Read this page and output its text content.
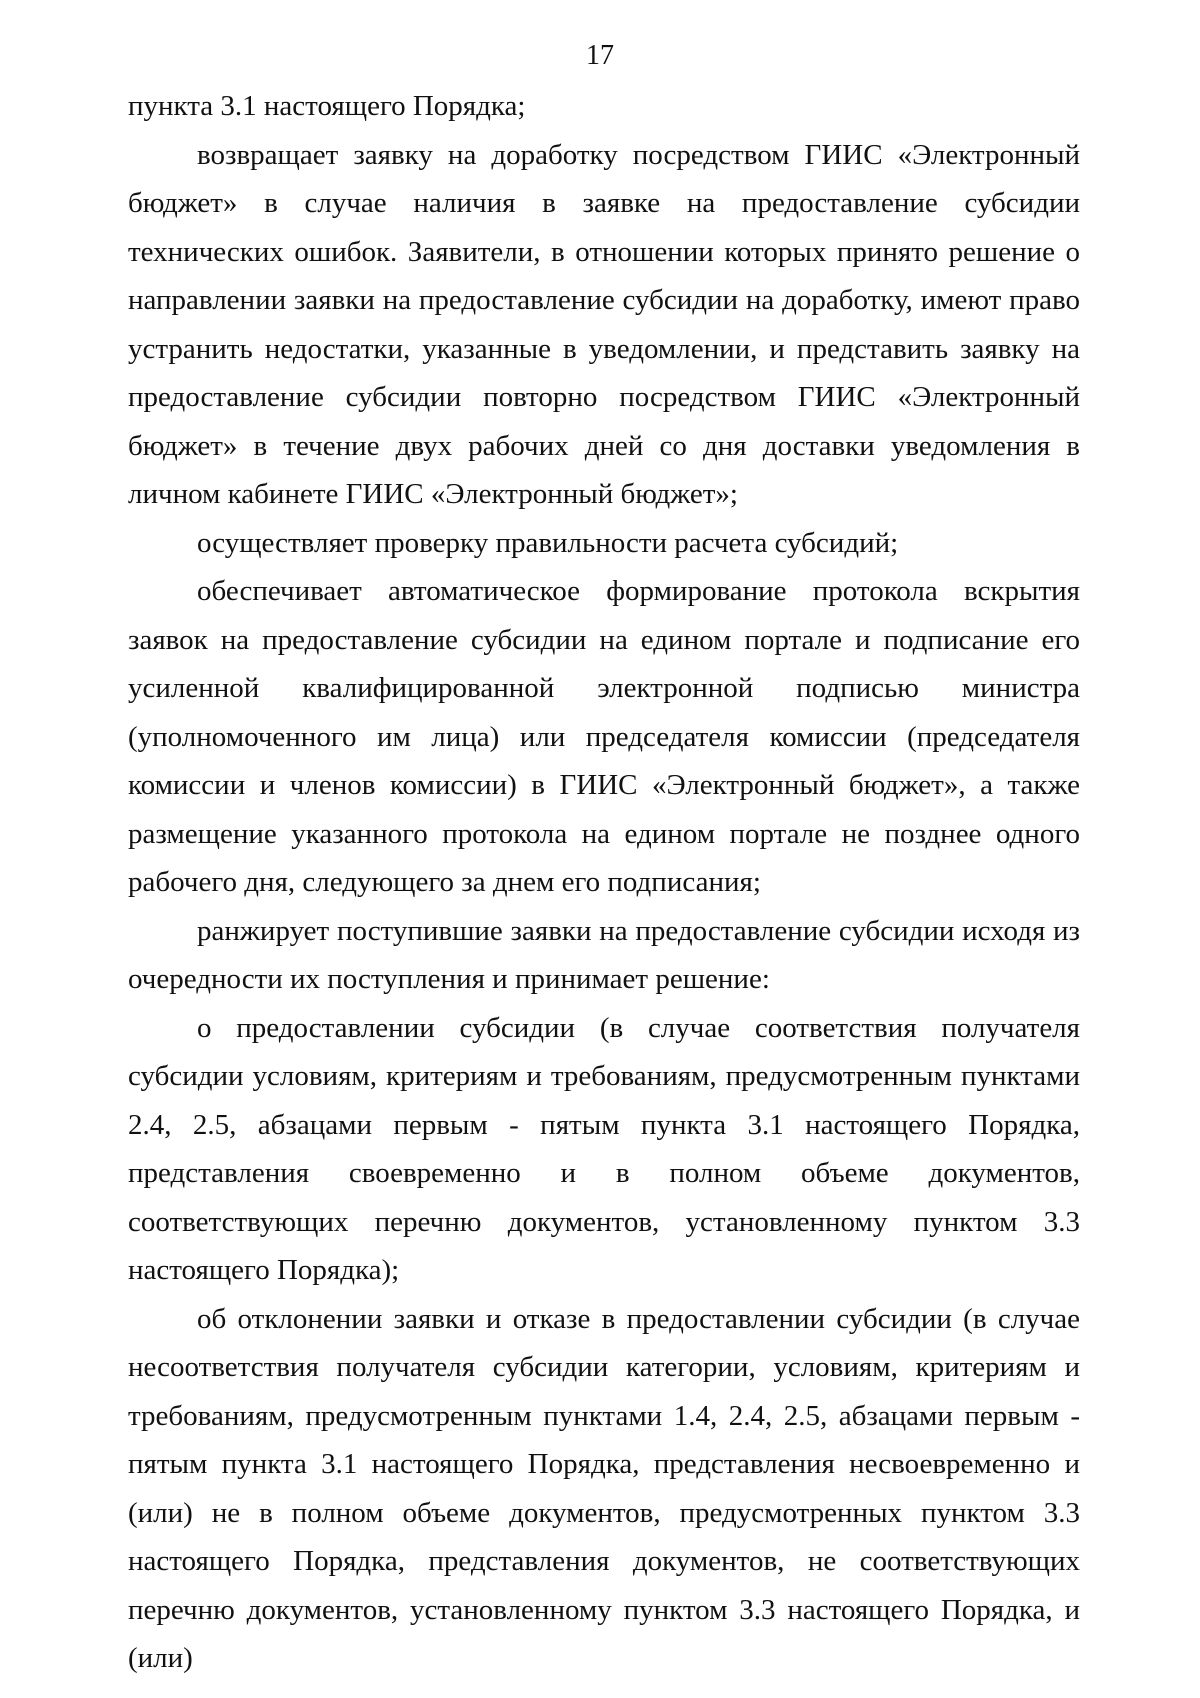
17

пункта 3.1 настоящего Порядка;

возвращает заявку на доработку посредством ГИИС «Электронный бюджет» в случае наличия в заявке на предоставление субсидии технических ошибок. Заявители, в отношении которых принято решение о направлении заявки на предоставление субсидии на доработку, имеют право устранить недостатки, указанные в уведомлении, и представить заявку на предоставление субсидии повторно посредством ГИИС «Электронный бюджет» в течение двух рабочих дней со дня доставки уведомления в личном кабинете ГИИС «Электронный бюджет»;

осуществляет проверку правильности расчета субсидий;

обеспечивает автоматическое формирование протокола вскрытия заявок на предоставление субсидии на едином портале и подписание его усиленной квалифицированной электронной подписью министра (уполномоченного им лица) или председателя комиссии (председателя комиссии и членов комиссии) в ГИИС «Электронный бюджет», а также размещение указанного протокола на едином портале не позднее одного рабочего дня, следующего за днем его подписания;

ранжирует поступившие заявки на предоставление субсидии исходя из очередности их поступления и принимает решение:

о предоставлении субсидии (в случае соответствия получателя субсидии условиям, критериям и требованиям, предусмотренным пунктами 2.4, 2.5, абзацами первым - пятым пункта 3.1 настоящего Порядка, представления своевременно и в полном объеме документов, соответствующих перечню документов, установленному пунктом 3.3 настоящего Порядка);

об отклонении заявки и отказе в предоставлении субсидии (в случае несоответствия получателя субсидии категории, условиям, критериям и требованиям, предусмотренным пунктами 1.4, 2.4, 2.5, абзацами первым - пятым пункта 3.1 настоящего Порядка, представления несвоевременно и (или) не в полном объеме документов, предусмотренных пунктом 3.3 настоящего Порядка, представления документов, не соответствующих перечню документов, установленному пунктом 3.3 настоящего Порядка, и (или)
